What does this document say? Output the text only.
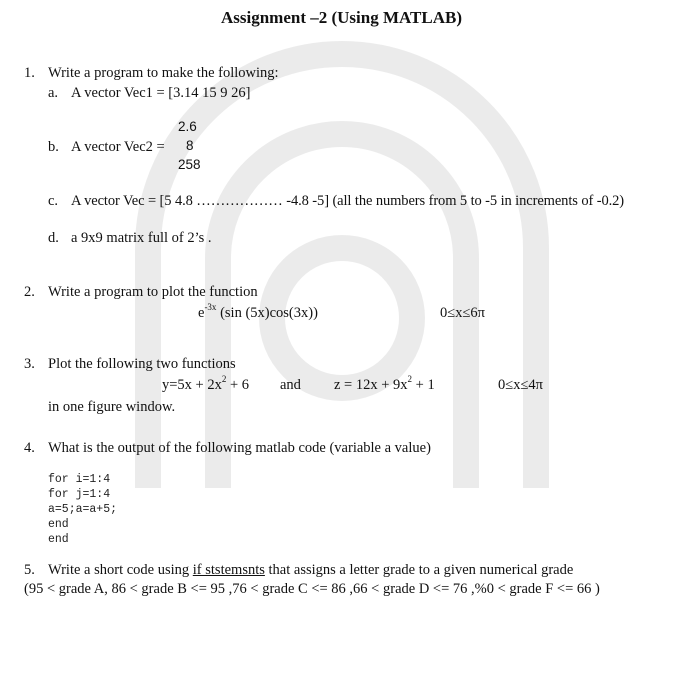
Assignment –2 (Using MATLAB)
1. Write a program to make the following:
a. A vector Vec1 = [3.14 15 9 26]
2.6
b. A vector Vec2 = 8
258
c. A vector Vec = [5 4.8 ……………… -4.8 -5] (all the numbers from 5 to -5 in increments of -0.2)
d. a 9x9 matrix full of 2’s .
2. Write a program to plot the function
$e^{-3x}$ (sin (5x)cos(3x))	0≤x≤6π
3. Plot the following two functions
$y=5x + 2x^2 + 6$ and $z = 12x + 9x^2 + 1$	0≤x≤4π
in one figure window.
4. What is the output of the following matlab code (variable a value)
for i=1:4
for j=1:4
a=5;a=a+5;
end
end
5. Write a short code using if ststemsnts that assigns a letter grade to a given numerical grade
(95 < grade A, 86 < grade B <= 95 ,76 < grade C <= 86 ,66 < grade D <= 76 ,%0 < grade F <= 66 )
